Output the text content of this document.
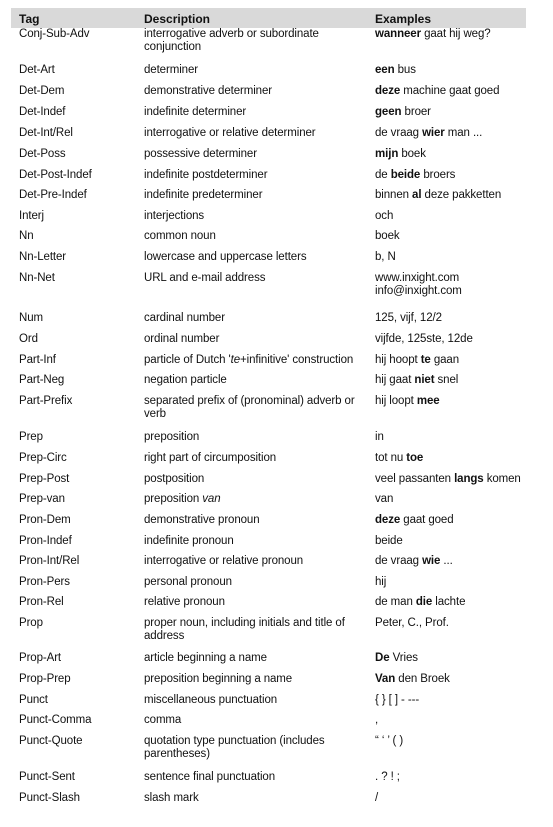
Tag	Description	Examples
Conj-Sub-Adv	interrogative adverb or subordinate conjunction	wanneer gaat hij weg?
Det-Art	determiner	een bus
Det-Dem	demonstrative determiner	deze machine gaat goed
Det-Indef	indefinite determiner	geen broer
Det-Int/Rel	interrogative or relative determiner	de vraag wier man ...
Det-Poss	possessive determiner	mijn boek
Det-Post-Indef	indefinite postdeterminer	de beide broers
Det-Pre-Indef	indefinite predeterminer	binnen al deze pakketten
Interj	interjections	och
Nn	common noun	boek
Nn-Letter	lowercase and uppercase letters	b, N
Nn-Net	URL and e-mail address	www.inxight.com
info@inxight.com
Num	cardinal number	125, vijf, 12/2
Ord	ordinal number	vijfde, 125ste, 12de
Part-Inf	particle of Dutch 'te+infinitive' construction	hij hoopt te gaan
Part-Neg	negation particle	hij gaat niet snel
Part-Prefix	separated prefix of (pronominal) adverb or verb	hij loopt mee
Prep	preposition	in
Prep-Circ	right part of circumposition	tot nu toe
Prep-Post	postposition	veel passanten langs komen
Prep-van	preposition van	van
Pron-Dem	demonstrative pronoun	deze gaat goed
Pron-Indef	indefinite pronoun	beide
Pron-Int/Rel	interrogative or relative pronoun	de vraag wie ...
Pron-Pers	personal pronoun	hij
Pron-Rel	relative pronoun	de man die lachte
Prop	proper noun, including initials and title of address	Peter, C., Prof.
Prop-Art	article beginning a name	De Vries
Prop-Prep	preposition beginning a name	Van den Broek
Punct	miscellaneous punctuation	{ } [ ] - ---
Punct-Comma	comma	,
Punct-Quote	quotation type punctuation (includes parentheses)	“ ‘ ’ ( )
Punct-Sent	sentence final punctuation	. ? ! ;
Punct-Slash	slash mark	/
